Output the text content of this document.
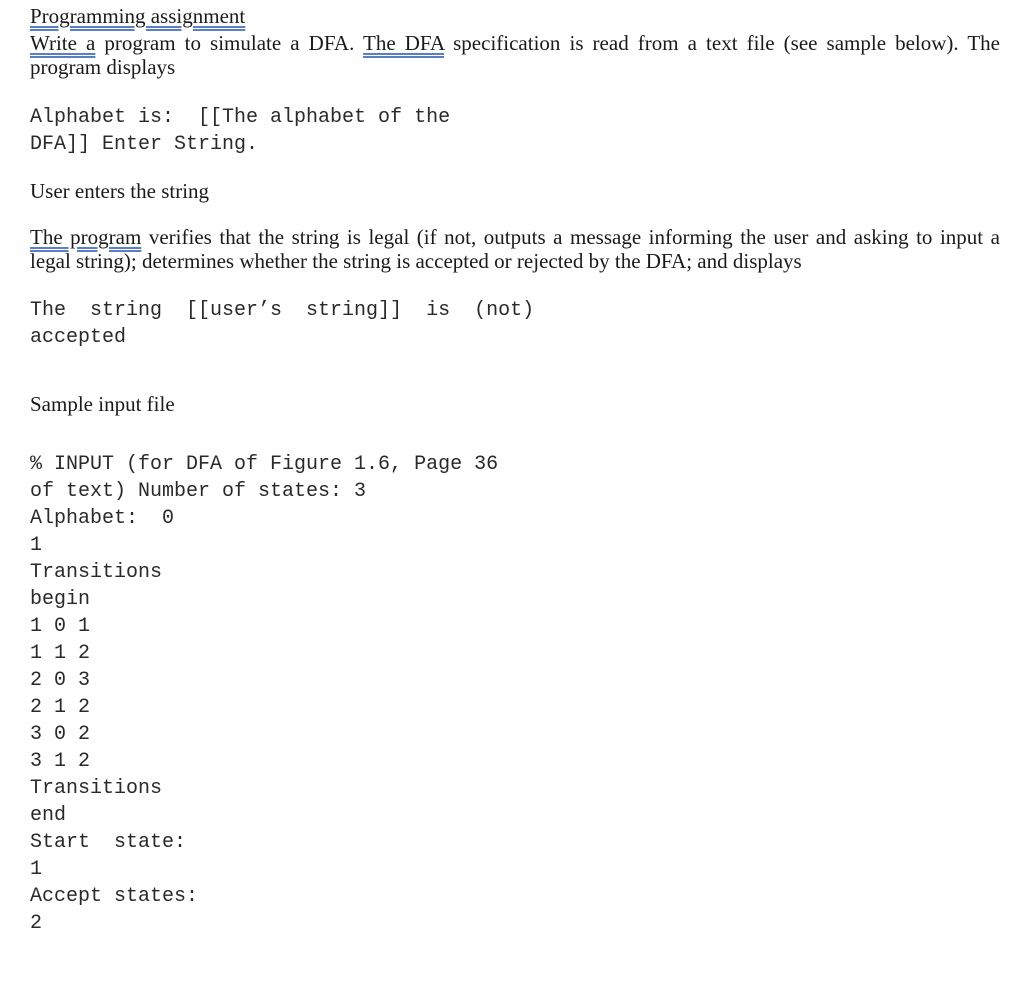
Programming assignment
Write a program to simulate a DFA. The DFA specification is read from a text file (see sample below). The program displays
Alphabet is: [[The alphabet of the
DFA]] Enter String.
User enters the string
The program verifies that the string is legal (if not, outputs a message informing the user and asking to input a legal string); determines whether the string is accepted or rejected by the DFA; and displays
The  string  [[user’s  string]]  is  (not)
accepted
Sample input file
% INPUT (for DFA of Figure 1.6, Page 36
of text) Number of states: 3
Alphabet:  0
1
Transitions
begin
1 0 1
1 1 2
2 0 3
2 1 2
3 0 2
3 1 2
Transitions
end
Start  state:
1
Accept states:
2
